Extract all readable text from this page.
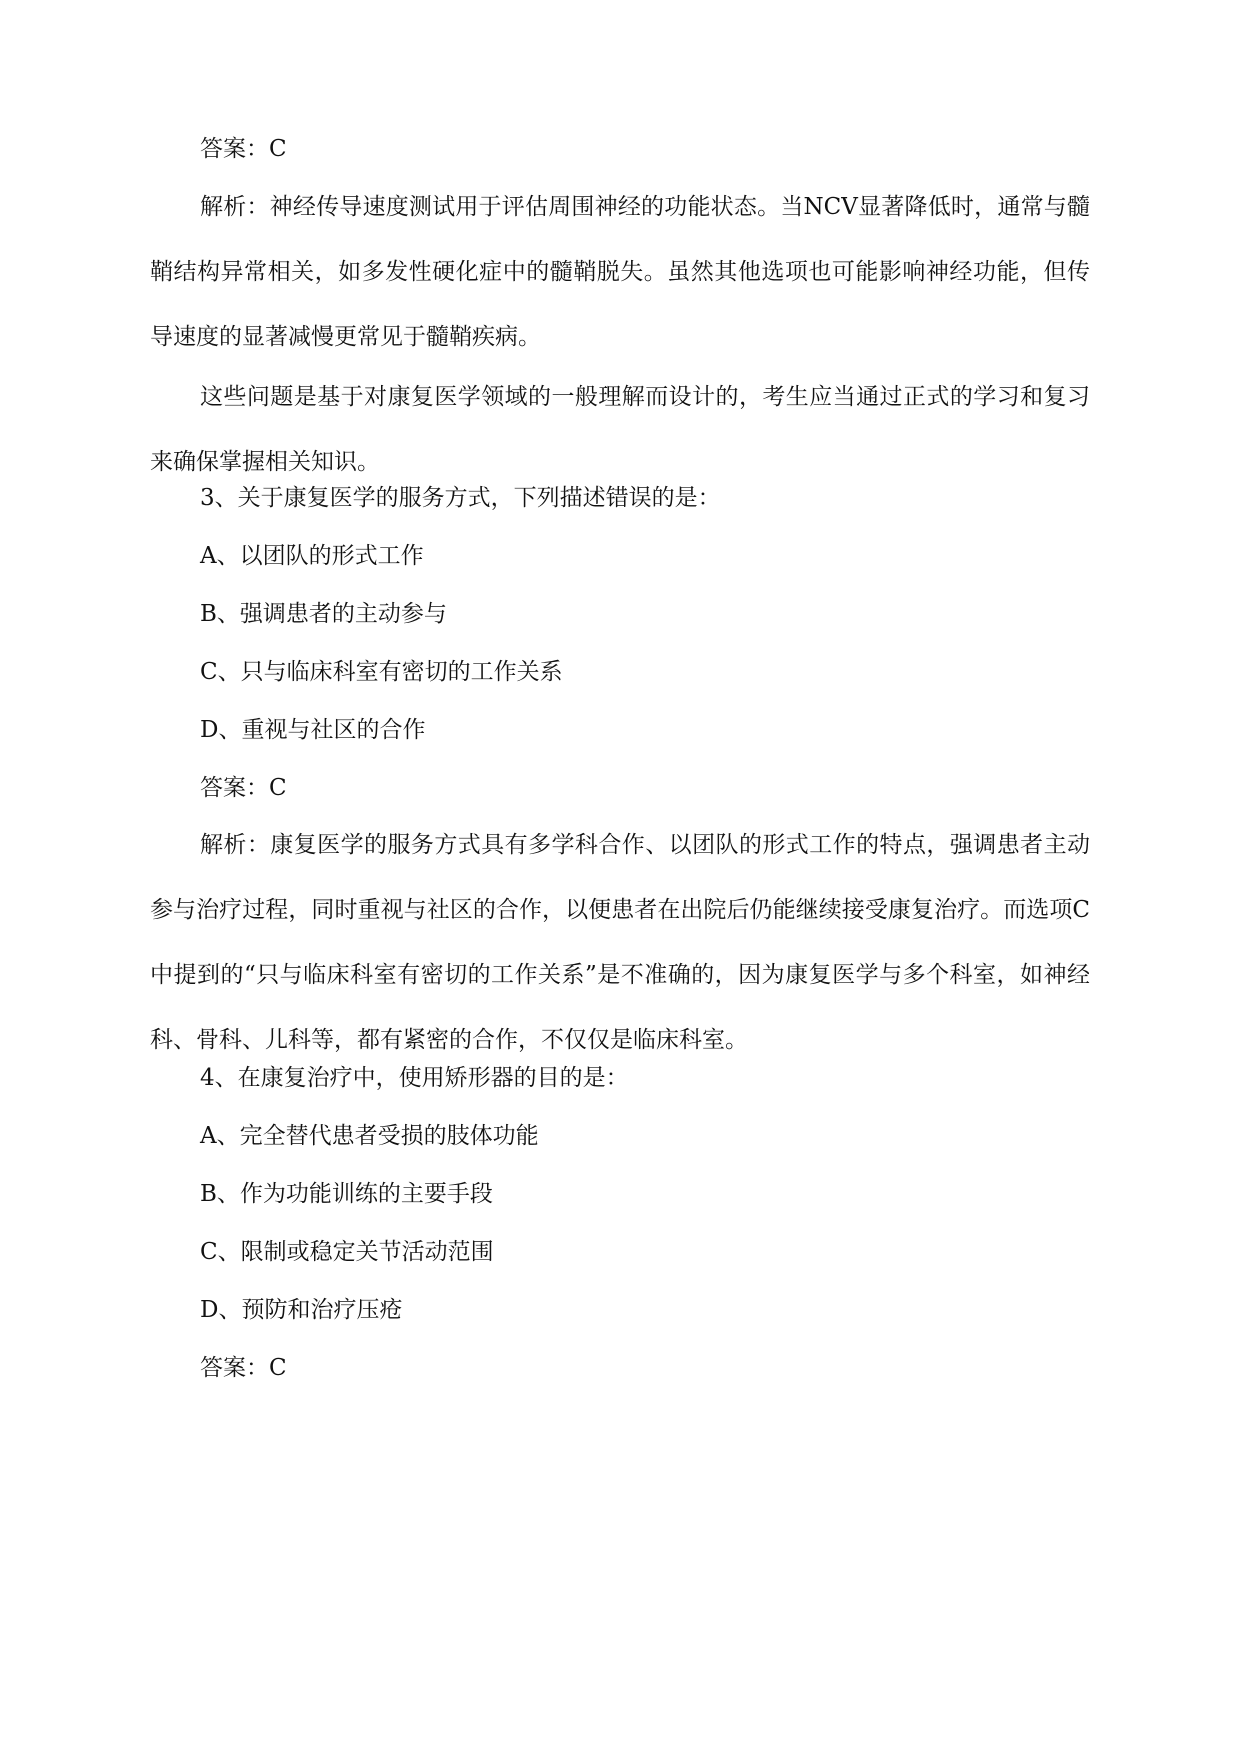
答案：C

解析：神经传导速度测试用于评估周围神经的功能状态。当NCV显著降低时，通常与髓鞘结构异常相关，如多发性硬化症中的髓鞘脱失。虽然其他选项也可能影响神经功能，但传导速度的显著减慢更常见于髓鞘疾病。

这些问题是基于对康复医学领域的一般理解而设计的，考生应当通过正式的学习和复习来确保掌握相关知识。

3、关于康复医学的服务方式，下列描述错误的是：

A、以团队的形式工作

B、强调患者的主动参与

C、只与临床科室有密切的工作关系

D、重视与社区的合作

答案：C

解析：康复医学的服务方式具有多学科合作、以团队的形式工作的特点，强调患者主动参与治疗过程，同时重视与社区的合作，以便患者在出院后仍能继续接受康复治疗。而选项C中提到的“只与临床科室有密切的工作关系”是不准确的，因为康复医学与多个科室，如神经科、骨科、儿科等，都有紧密的合作，不仅仅是临床科室。

4、在康复治疗中，使用矫形器的目的是：

A、完全替代患者受损的肢体功能

B、作为功能训练的主要手段

C、限制或稳定关节活动范围

D、预防和治疗压疮

答案：C
